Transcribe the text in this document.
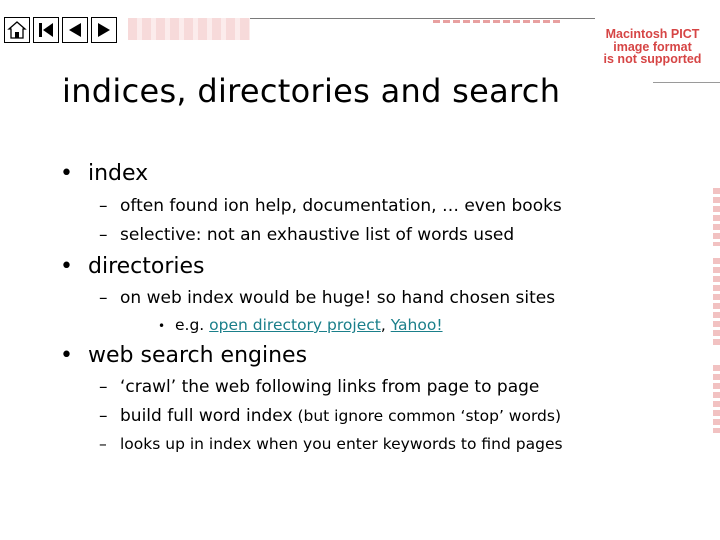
Macintosh PICT
image format
is not supported
indices, directories and search
• index
– often found ion help, documentation, … even books
– selective: not an exhaustive list of words used
• directories
– on web index would be huge! so hand chosen sites
• e.g. open directory project, Yahoo!
• web search engines
– ‘crawl’ the web following links from page to page
– build full word index (but ignore common ‘stop’ words)
– looks up in index when you enter keywords to find pages
